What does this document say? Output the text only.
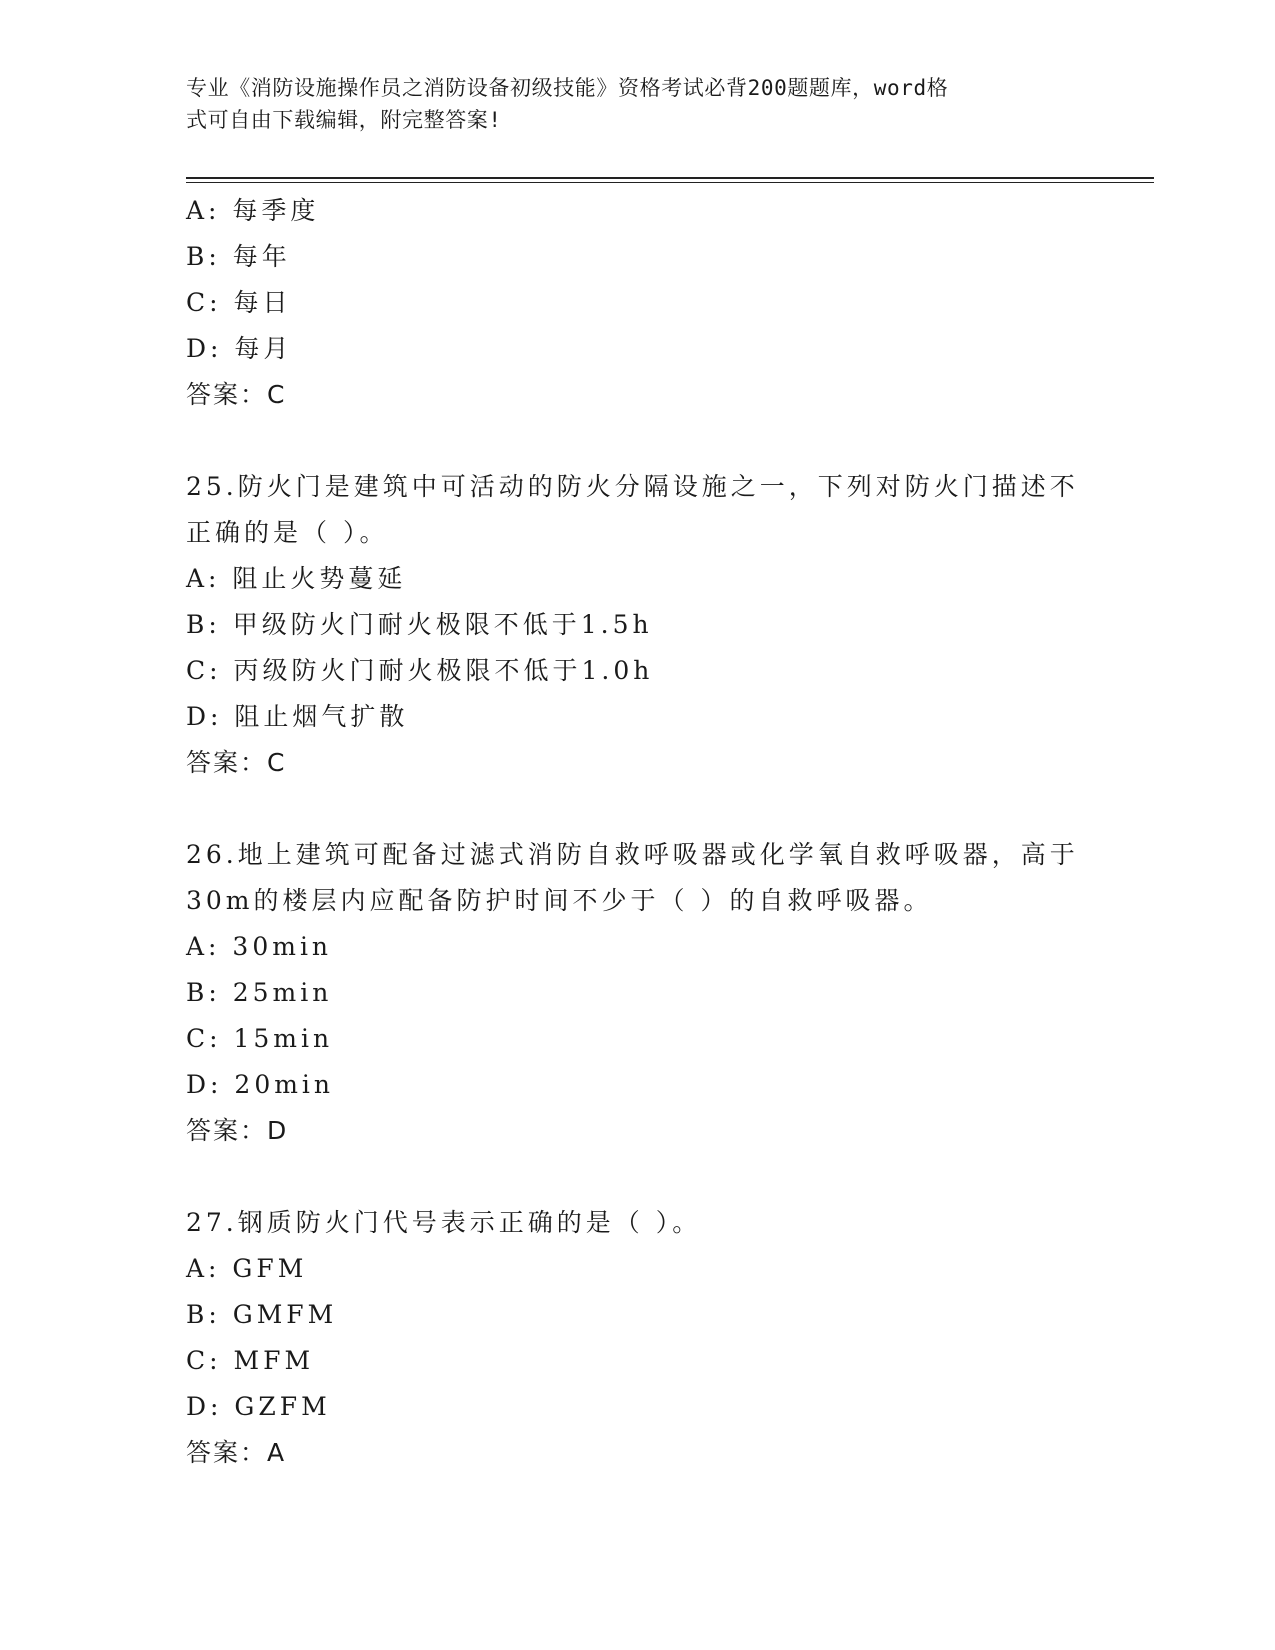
专业《消防设施操作员之消防设备初级技能》资格考试必背200题题库，word格
式可自由下载编辑，附完整答案!
A: 每季度
B: 每年
C: 每日
D: 每月
答案：C
25.防火门是建筑中可活动的防火分隔设施之一，下列对防火门描述不
正确的是（ ）。
A: 阻止火势蔓延
B: 甲级防火门耐火极限不低于1.5h
C: 丙级防火门耐火极限不低于1.0h
D: 阻止烟气扩散
答案：C
26.地上建筑可配备过滤式消防自救呼吸器或化学氧自救呼吸器，高于
30m的楼层内应配备防护时间不少于（ ）的自救呼吸器。
A: 30min
B: 25min
C: 15min
D: 20min
答案：D
27.钢质防火门代号表示正确的是（ ）。
A: GFM
B: GMFM
C: MFM
D: GZFM
答案：A
